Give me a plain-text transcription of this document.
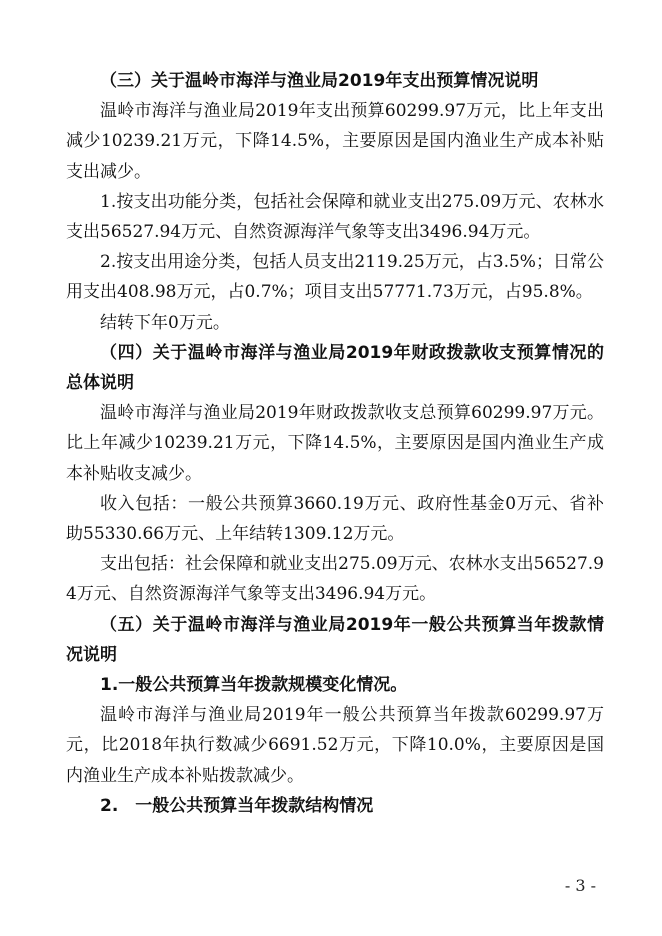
（三）关于温岭市海洋与渔业局2019年支出预算情况说明

温岭市海洋与渔业局2019年支出预算60299.97万元，比上年支出减少10239.21万元，下降14.5%，主要原因是国内渔业生产成本补贴支出减少。

1.按支出功能分类，包括社会保障和就业支出275.09万元、农林水支出56527.94万元、自然资源海洋气象等支出3496.94万元。

2.按支出用途分类，包括人员支出2119.25万元，占3.5%；日常公用支出408.98万元，占0.7%；项目支出57771.73万元，占95.8%。

结转下年0万元。

（四）关于温岭市海洋与渔业局2019年财政拨款收支预算情况的总体说明

温岭市海洋与渔业局2019年财政拨款收支总预算60299.97万元。比上年减少10239.21万元，下降14.5%，主要原因是国内渔业生产成本补贴收支减少。

收入包括：一般公共预算3660.19万元、政府性基金0万元、省补助55330.66万元、上年结转1309.12万元。

支出包括：社会保障和就业支出275.09万元、农林水支出56527.94万元、自然资源海洋气象等支出3496.94万元。

（五）关于温岭市海洋与渔业局2019年一般公共预算当年拨款情况说明

1.一般公共预算当年拨款规模变化情况。

温岭市海洋与渔业局2019年一般公共预算当年拨款60299.97万元，比2018年执行数减少6691.52万元，下降10.0%，主要原因是国内渔业生产成本补贴拨款减少。

2.　一般公共预算当年拨款结构情况

- 3 -
